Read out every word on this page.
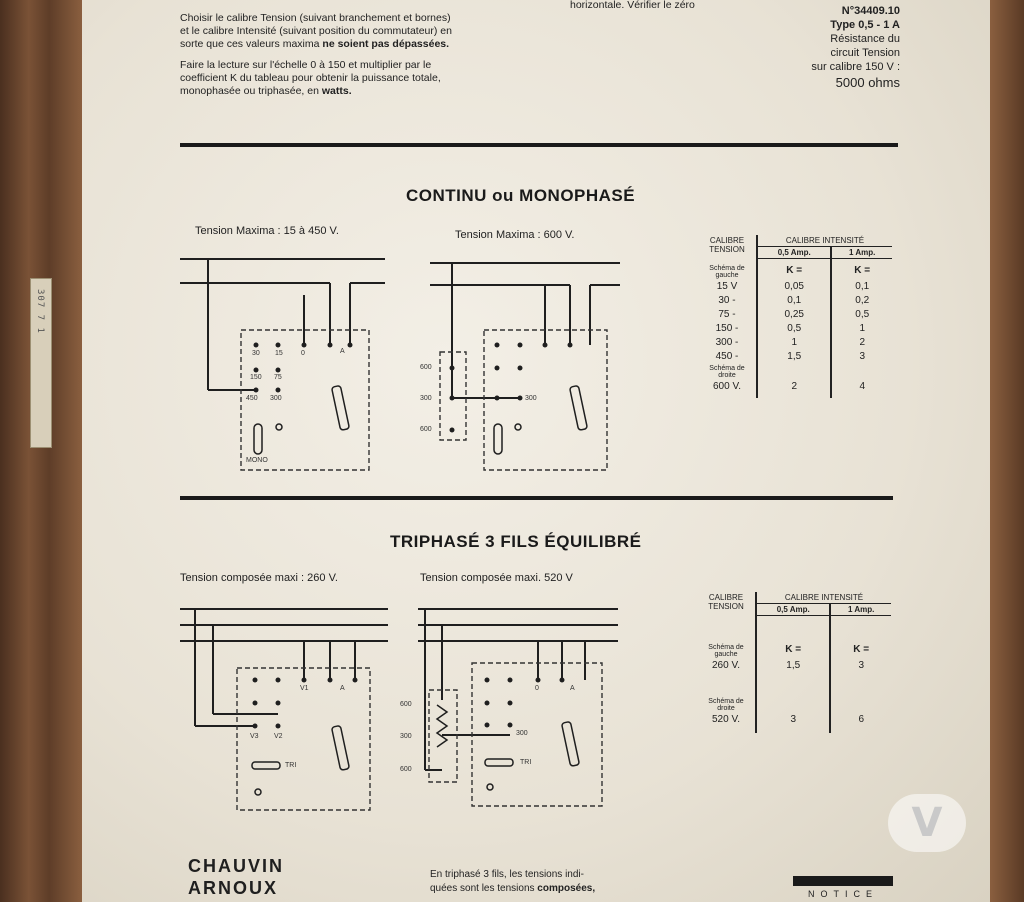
307 7 1
horizontale. Vérifier le zéro
Choisir le calibre Tension (suivant branchement et bornes)
et le calibre Intensité (suivant position du commutateur) en
sorte que ces valeurs maxima ne soient pas dépassées.
Faire la lecture sur l'échelle 0 à 150 et multiplier par le
coefficient K du tableau pour obtenir la puissance totale,
monophasée ou triphasée, en watts.
N°34409.10
Type 0,5 - 1 A
Résistance du
circuit Tension
sur calibre 150 V :
5000 ohms
CONTINU ou MONOPHASÉ
Tension Maxima : 15 à 450 V.	Tension Maxima : 600 V.
30 15	0	A
150 75
450 300
MONO
600
300	300
600
V1
V3 V2
A
TRI
600
300
600
300
0	A
TRI
CALIBRE TENSION	CALIBRE INTENSITÉ	
	0,5 Amp.	1 Amp.
Schéma de gauche	K =	K =
15 V	0,05	0,1
30 -	0,1	0,2
75 -	0,25	0,5
150 -	0,5	1
300 -	1	2
450 -	1,5	3
Schéma de droite		
600 V.	2	4
TRIPHASÉ 3 FILS ÉQUILIBRÉ
Tension composée maxi : 260 V.	Tension composée maxi. 520 V
CALIBRE TENSION	CALIBRE INTENSITÉ	
	0,5 Amp.	1 Amp.
Schéma de gauche	K =	K =
260 V.	1,5	3
Schéma de droite		
520 V.	3	6
CHAUVIN
ARNOUX
En triphasé 3 fils, les tensions indi-
quées sont les tensions composées,	NOTICE
V
